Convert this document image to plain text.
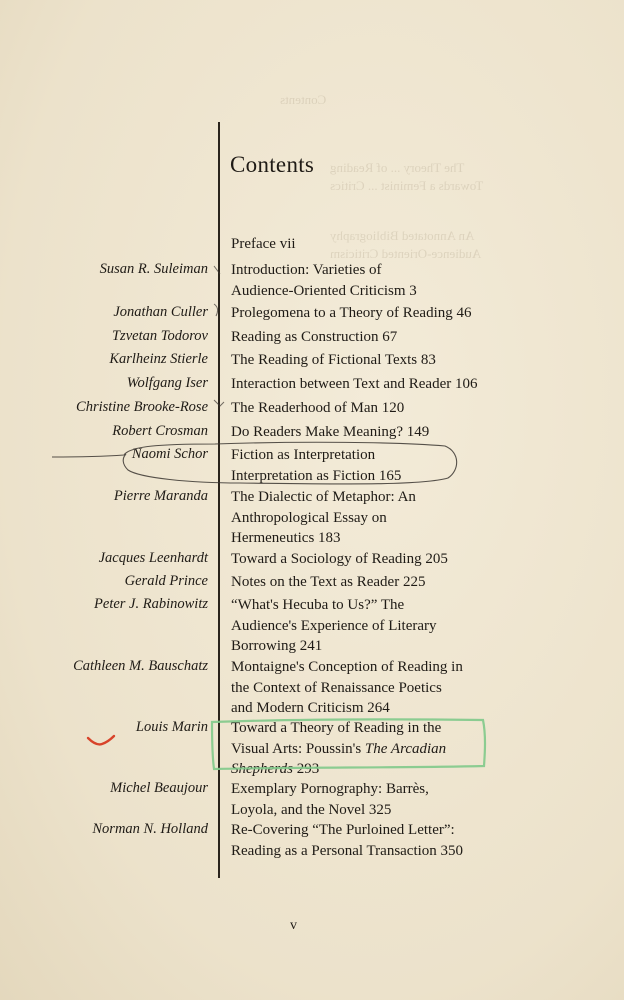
Contents
The Theory ... of Reading
Towards a Feminist ... Critics
An Annotated Bibliography
Audience-Oriented Criticism
Contents
Preface vii
Susan R. Suleiman Introduction: Varieties of
Audience-Oriented Criticism 3
Jonathan Culler Prolegomena to a Theory of Reading 46
Tzvetan Todorov Reading as Construction 67
Karlheinz Stierle The Reading of Fictional Texts 83
Wolfgang Iser Interaction between Text and Reader 106
Christine Brooke-Rose The Readerhood of Man 120
Robert Crosman Do Readers Make Meaning? 149
Naomi Schor Fiction as Interpretation
Interpretation as Fiction 165
Pierre Maranda The Dialectic of Metaphor: An
Anthropological Essay on
Hermeneutics 183
Jacques Leenhardt Toward a Sociology of Reading 205
Gerald Prince Notes on the Text as Reader 225
Peter J. Rabinowitz “What's Hecuba to Us?” The
Audience's Experience of Literary
Borrowing 241
Cathleen M. Bauschatz Montaigne's Conception of Reading in
the Context of Renaissance Poetics
and Modern Criticism 264
Louis Marin Toward a Theory of Reading in the
Visual Arts: Poussin's The Arcadian
Shepherds 293
Michel Beaujour Exemplary Pornography: Barrès,
Loyola, and the Novel 325
Norman N. Holland Re-Covering “The Purloined Letter”:
Reading as a Personal Transaction 350
v
